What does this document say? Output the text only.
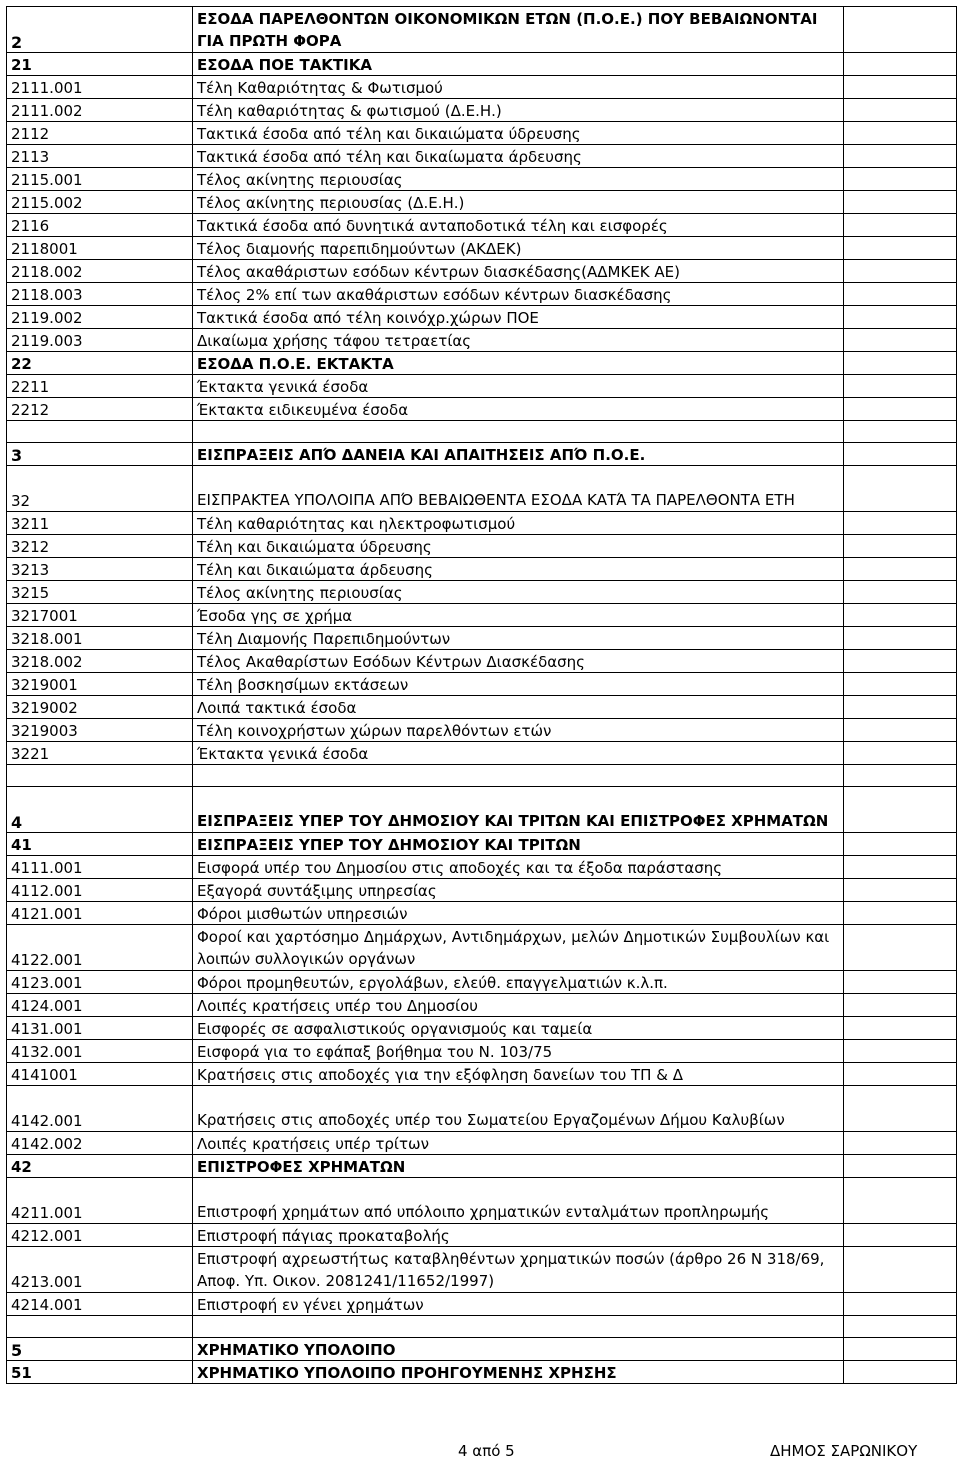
2	ΕΣΟΔΑ ΠΑΡΕΛΘΟΝΤΩΝ ΟΙΚΟΝΟΜΙΚΩΝ ΕΤΩΝ (Π.Ο.Ε.) ΠΟΥ ΒΕΒΑΙΩΝΟΝΤΑΙ ΓΙΑ ΠΡΩΤΗ ΦΟΡΑ	
21	ΕΣΟΔΑ ΠΟΕ ΤΑΚΤΙΚΑ	
2111.001	Τέλη Καθαριότητας & Φωτισμού	
2111.002	Τέλη καθαριότητας & φωτισμού (Δ.Ε.Η.)	
2112	Τακτικά έσοδα από τέλη και δικαιώματα ύδρευσης	
2113	Τακτικά έσοδα από τέλη και δικαίωματα άρδευσης	
2115.001	Τέλος ακίνητης περιουσίας	
2115.002	Τέλος ακίνητης περιουσίας (Δ.Ε.Η.)	
2116	Τακτικά έσοδα από δυνητικά ανταποδοτικά τέλη και εισφορές	
2118001	Τέλος διαμονής παρεπιδημούντων (ΑΚΔΕΚ)	
2118.002	Τέλος ακαθάριστων εσόδων κέντρων διασκέδασης(ΑΔΜΚΕΚ ΑΕ)	
2118.003	Τέλος 2% επί των ακαθάριστων εσόδων κέντρων διασκέδασης	
2119.002	Τακτικά έσοδα από τέλη κοινόχρ.χώρων ΠΟΕ	
2119.003	Δικαίωμα χρήσης τάφου τετραετίας	
22	ΕΣΟΔΑ Π.Ο.Ε. ΕΚΤΑΚΤΑ	
2211	Έκτακτα γενικά έσοδα	
2212	Έκτακτα ειδικευμένα έσοδα	

3	ΕΙΣΠΡΑΞΕΙΣ ΑΠΌ ΔΑΝΕΙΑ ΚΑΙ ΑΠΑΙΤΗΣΕΙΣ ΑΠΌ Π.Ο.Ε.	
32	ΕΙΣΠΡΑΚΤΕΑ ΥΠΟΛΟΙΠΑ ΑΠΌ ΒΕΒΑΙΩΘΕΝΤΑ ΕΣΟΔΑ ΚΑΤΆ ΤΑ ΠΑΡΕΛΘΟΝΤΑ ΕΤΗ	
3211	Τέλη καθαριότητας και ηλεκτροφωτισμού	
3212	Τέλη και δικαιώματα ύδρευσης	
3213	Τέλη και δικαιώματα άρδευσης	
3215	Τέλος ακίνητης περιουσίας	
3217001	Έσοδα γης σε χρήμα	
3218.001	Τέλη Διαμονής Παρεπιδημούντων	
3218.002	Τέλος Ακαθαρίστων Εσόδων Κέντρων Διασκέδασης	
3219001	Τέλη βοσκησίμων εκτάσεων	
3219002	Λοιπά τακτικά έσοδα	
3219003	Τέλη κοινοχρήστων χώρων παρελθόντων ετών	
3221	Έκτακτα γενικά έσοδα	

4	ΕΙΣΠΡΑΞΕΙΣ ΥΠΕΡ ΤΟΥ ΔΗΜΟΣΙΟΥ ΚΑΙ ΤΡΙΤΩΝ ΚΑΙ ΕΠΙΣΤΡΟΦΕΣ ΧΡΗΜΑΤΩΝ	
41	ΕΙΣΠΡΑΞΕΙΣ ΥΠΕΡ ΤΟΥ ΔΗΜΟΣΙΟΥ ΚΑΙ ΤΡΙΤΩΝ	
4111.001	Εισφορά υπέρ του Δημοσίου στις αποδοχές και τα έξοδα παράστασης	
4112.001	Εξαγορά συντάξιμης υπηρεσίας	
4121.001	Φόροι μισθωτών υπηρεσιών	
4122.001	Φοροί και χαρτόσημο Δημάρχων, Αντιδημάρχων, μελών Δημοτικών Συμβουλίων και λοιπών συλλογικών οργάνων	
4123.001	Φόροι προμηθευτών, εργολάβων, ελεύθ. επαγγελματιών κ.λ.π.	
4124.001	Λοιπές κρατήσεις υπέρ του Δημοσίου	
4131.001	Εισφορές σε ασφαλιστικούς οργανισμούς και ταμεία	
4132.001	Εισφορά για το εφάπαξ βοήθημα του Ν. 103/75	
4141001	Κρατήσεις στις αποδοχές για την εξόφληση δανείων του ΤΠ & Δ	
4142.001	Κρατήσεις στις αποδοχές υπέρ του Σωματείου Εργαζομένων Δήμου Καλυβίων	
4142.002	Λοιπές κρατήσεις υπέρ τρίτων	
42	ΕΠΙΣΤΡΟΦΕΣ ΧΡΗΜΑΤΩΝ	
4211.001	Επιστροφή χρημάτων από υπόλοιπο χρηματικών ενταλμάτων προπληρωμής	
4212.001	Επιστροφή πάγιας προκαταβολής	
4213.001	Επιστροφή αχρεωστήτως καταβληθέντων χρηματικών ποσών (άρθρο 26 Ν 318/69, Αποφ. Υπ. Οικον. 2081241/11652/1997)	
4214.001	Επιστροφή εν γένει χρημάτων	

5	ΧΡΗΜΑΤΙΚΟ ΥΠΟΛΟΙΠΟ	
51	ΧΡΗΜΑΤΙΚΟ ΥΠΟΛΟΙΠΟ ΠΡΟΗΓΟΥΜΕΝΗΣ ΧΡΗΣΗΣ	
4 από 5	ΔΗΜΟΣ ΣΑΡΩΝΙΚΟΥ
